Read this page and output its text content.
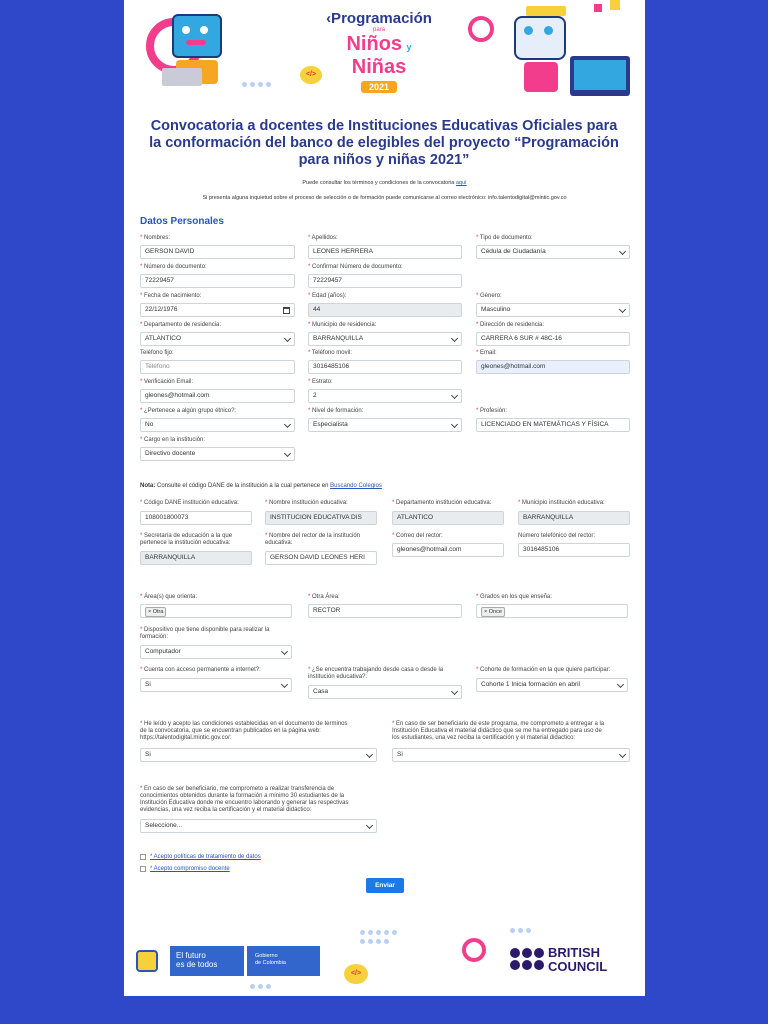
</>
‹Programación
para
Niños y
Niñas
2021
Convocatoria a docentes de Instituciones Educativas Oficiales para la conformación del banco de elegibles del proyecto “Programación para niños y niñas 2021”
Puede consultar los términos y condiciones de la convocatoria aquí
Si presenta alguna inquietud sobre el proceso de selección o de formación puede comunicarse al correo electrónico: info.talentodigital@mintic.gov.co
Datos Personales
* Nombres:
GERSON DAVID
* Apellidos:
LEONES HERRERA
* Tipo de documento:
Cédula de Ciudadanía
* Número de documento:
72229457
* Confirmar Número de documento:
72229457
* Fecha de nacimiento:
22/12/1976
* Edad (años):
44
* Género:
Masculino
* Departamento de residencia:
ATLANTICO
* Municipio de residencia:
BARRANQUILLA
* Dirección de residencia:
CARRERA 6 SUR # 48C-16
Teléfono fijo:
Teléfono
* Teléfono movil:
3016485106
* Email:
gleones@hotmail.com
* Verificación Email:
gleones@hotmail.com
* Estrato:
2
* ¿Pertenece a algún grupo étnico?:
No
* Nivel de formación:
Especialista
* Profesión:
LICENCIADO EN MATEMÁTICAS Y FÍSICA
* Cargo en la institución:
Directivo docente
Nota: Consulte el código DANE de la institución a la cual pertenece en Buscando Colegios
* Código DANE institución educativa:
108001800073
* Nombre institución educativa:
INSTITUCION EDUCATIVA DIS
* Departamento institución educativa:
ATLANTICO
* Municipio institución educativa:
BARRANQUILLA
* Secretaría de educación a la que
pertenece la institución educativa:
BARRANQUILLA
* Nombre del rector de la institución
educativa:
GERSON DAVID LEONES HERI
* Correo del rector:
gleones@hotmail.com
Número telefónico del rector:
3016485106
* Área(s) que orienta:
× Otra
* Otra Área:
RECTOR
* Grados en los que enseña:
× Once
* Dispositivo que tiene disponible para realizar la
formación:
Computador
* Cuenta con acceso permanente a internet?:
Si
* ¿Se encuentra trabajando desde casa o desde la
institución educativa?:
Casa
* Cohorte de formación en la que quiere participar:
Cohorte 1 Inicia formación en abril
* He leído y acepto las condiciones establecidas en el documento de terminos
de la convocatoria, que se encuentran publicados en la página web:
https://talentodigital.mintic.gov.co/:
Si
* En caso de ser beneficiario de este programa, me comprometo a entregar a la
Institución Educativa el material didáctico que se me ha entregado para uso de
los estudiantes, una vez reciba la certificación y el material didactico:
Si
* En caso de ser beneficiario, me comprometo a realizar transferencia de
conocimientos obtenidos durante la formación a mínimo 30 estudiantes de la
Institución Educativa donde me encuentro laborando y generar las respectivas
evidencias, una vez reciba la certificación y el material didáctico:
Seleccione...
* Acepto políticas de tratamiento de datos
* Acepto compromiso docente
Enviar
El futuro
es de todos
Gobierno
de Colombia
</>
BRITISH
COUNCIL
